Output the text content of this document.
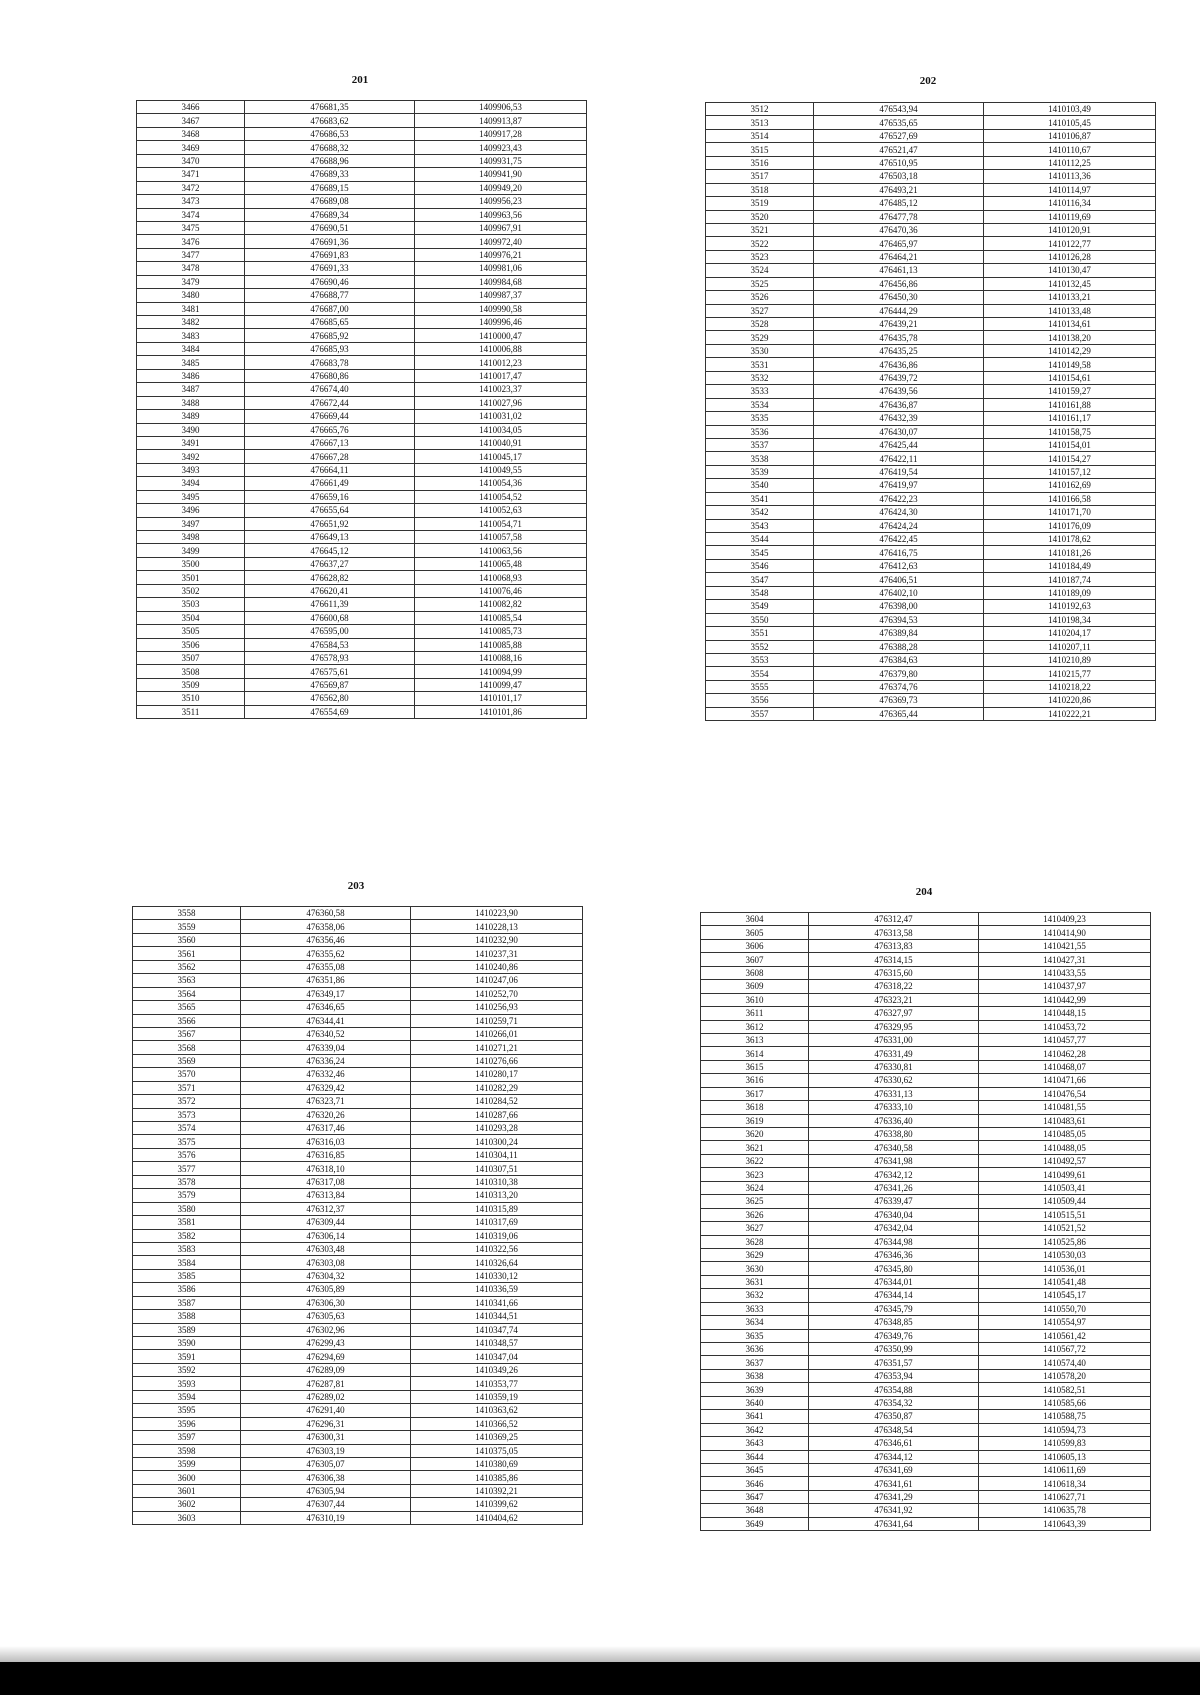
201
3466	476681,35	1409906,53
3467	476683,62	1409913,87
3468	476686,53	1409917,28
3469	476688,32	1409923,43
3470	476688,96	1409931,75
3471	476689,33	1409941,90
3472	476689,15	1409949,20
3473	476689,08	1409956,23
3474	476689,34	1409963,56
3475	476690,51	1409967,91
3476	476691,36	1409972,40
3477	476691,83	1409976,21
3478	476691,33	1409981,06
3479	476690,46	1409984,68
3480	476688,77	1409987,37
3481	476687,00	1409990,58
3482	476685,65	1409996,46
3483	476685,92	1410000,47
3484	476685,93	1410006,88
3485	476683,78	1410012,23
3486	476680,86	1410017,47
3487	476674,40	1410023,37
3488	476672,44	1410027,96
3489	476669,44	1410031,02
3490	476665,76	1410034,05
3491	476667,13	1410040,91
3492	476667,28	1410045,17
3493	476664,11	1410049,55
3494	476661,49	1410054,36
3495	476659,16	1410054,52
3496	476655,64	1410052,63
3497	476651,92	1410054,71
3498	476649,13	1410057,58
3499	476645,12	1410063,56
3500	476637,27	1410065,48
3501	476628,82	1410068,93
3502	476620,41	1410076,46
3503	476611,39	1410082,82
3504	476600,68	1410085,54
3505	476595,00	1410085,73
3506	476584,53	1410085,88
3507	476578,93	1410088,16
3508	476575,61	1410094,99
3509	476569,87	1410099,47
3510	476562,80	1410101,17
3511	476554,69	1410101,86
202
3512	476543,94	1410103,49
3513	476535,65	1410105,45
3514	476527,69	1410106,87
3515	476521,47	1410110,67
3516	476510,95	1410112,25
3517	476503,18	1410113,36
3518	476493,21	1410114,97
3519	476485,12	1410116,34
3520	476477,78	1410119,69
3521	476470,36	1410120,91
3522	476465,97	1410122,77
3523	476464,21	1410126,28
3524	476461,13	1410130,47
3525	476456,86	1410132,45
3526	476450,30	1410133,21
3527	476444,29	1410133,48
3528	476439,21	1410134,61
3529	476435,78	1410138,20
3530	476435,25	1410142,29
3531	476436,86	1410149,58
3532	476439,72	1410154,61
3533	476439,56	1410159,27
3534	476436,87	1410161,88
3535	476432,39	1410161,17
3536	476430,07	1410158,75
3537	476425,44	1410154,01
3538	476422,11	1410154,27
3539	476419,54	1410157,12
3540	476419,97	1410162,69
3541	476422,23	1410166,58
3542	476424,30	1410171,70
3543	476424,24	1410176,09
3544	476422,45	1410178,62
3545	476416,75	1410181,26
3546	476412,63	1410184,49
3547	476406,51	1410187,74
3548	476402,10	1410189,09
3549	476398,00	1410192,63
3550	476394,53	1410198,34
3551	476389,84	1410204,17
3552	476388,28	1410207,11
3553	476384,63	1410210,89
3554	476379,80	1410215,77
3555	476374,76	1410218,22
3556	476369,73	1410220,86
3557	476365,44	1410222,21
203
3558	476360,58	1410223,90
3559	476358,06	1410228,13
3560	476356,46	1410232,90
3561	476355,62	1410237,31
3562	476355,08	1410240,86
3563	476351,86	1410247,06
3564	476349,17	1410252,70
3565	476346,65	1410256,93
3566	476344,41	1410259,71
3567	476340,52	1410266,01
3568	476339,04	1410271,21
3569	476336,24	1410276,66
3570	476332,46	1410280,17
3571	476329,42	1410282,29
3572	476323,71	1410284,52
3573	476320,26	1410287,66
3574	476317,46	1410293,28
3575	476316,03	1410300,24
3576	476316,85	1410304,11
3577	476318,10	1410307,51
3578	476317,08	1410310,38
3579	476313,84	1410313,20
3580	476312,37	1410315,89
3581	476309,44	1410317,69
3582	476306,14	1410319,06
3583	476303,48	1410322,56
3584	476303,08	1410326,64
3585	476304,32	1410330,12
3586	476305,89	1410336,59
3587	476306,30	1410341,66
3588	476305,63	1410344,51
3589	476302,96	1410347,74
3590	476299,43	1410348,57
3591	476294,69	1410347,04
3592	476289,09	1410349,26
3593	476287,81	1410353,77
3594	476289,02	1410359,19
3595	476291,40	1410363,62
3596	476296,31	1410366,52
3597	476300,31	1410369,25
3598	476303,19	1410375,05
3599	476305,07	1410380,69
3600	476306,38	1410385,86
3601	476305,94	1410392,21
3602	476307,44	1410399,62
3603	476310,19	1410404,62
204
3604	476312,47	1410409,23
3605	476313,58	1410414,90
3606	476313,83	1410421,55
3607	476314,15	1410427,31
3608	476315,60	1410433,55
3609	476318,22	1410437,97
3610	476323,21	1410442,99
3611	476327,97	1410448,15
3612	476329,95	1410453,72
3613	476331,00	1410457,77
3614	476331,49	1410462,28
3615	476330,81	1410468,07
3616	476330,62	1410471,66
3617	476331,13	1410476,54
3618	476333,10	1410481,55
3619	476336,40	1410483,61
3620	476338,80	1410485,05
3621	476340,58	1410488,05
3622	476341,98	1410492,57
3623	476342,12	1410499,61
3624	476341,26	1410503,41
3625	476339,47	1410509,44
3626	476340,04	1410515,51
3627	476342,04	1410521,52
3628	476344,98	1410525,86
3629	476346,36	1410530,03
3630	476345,80	1410536,01
3631	476344,01	1410541,48
3632	476344,14	1410545,17
3633	476345,79	1410550,70
3634	476348,85	1410554,97
3635	476349,76	1410561,42
3636	476350,99	1410567,72
3637	476351,57	1410574,40
3638	476353,94	1410578,20
3639	476354,88	1410582,51
3640	476354,32	1410585,66
3641	476350,87	1410588,75
3642	476348,54	1410594,73
3643	476346,61	1410599,83
3644	476344,12	1410605,13
3645	476341,69	1410611,69
3646	476341,61	1410618,34
3647	476341,29	1410627,71
3648	476341,92	1410635,78
3649	476341,64	1410643,39
